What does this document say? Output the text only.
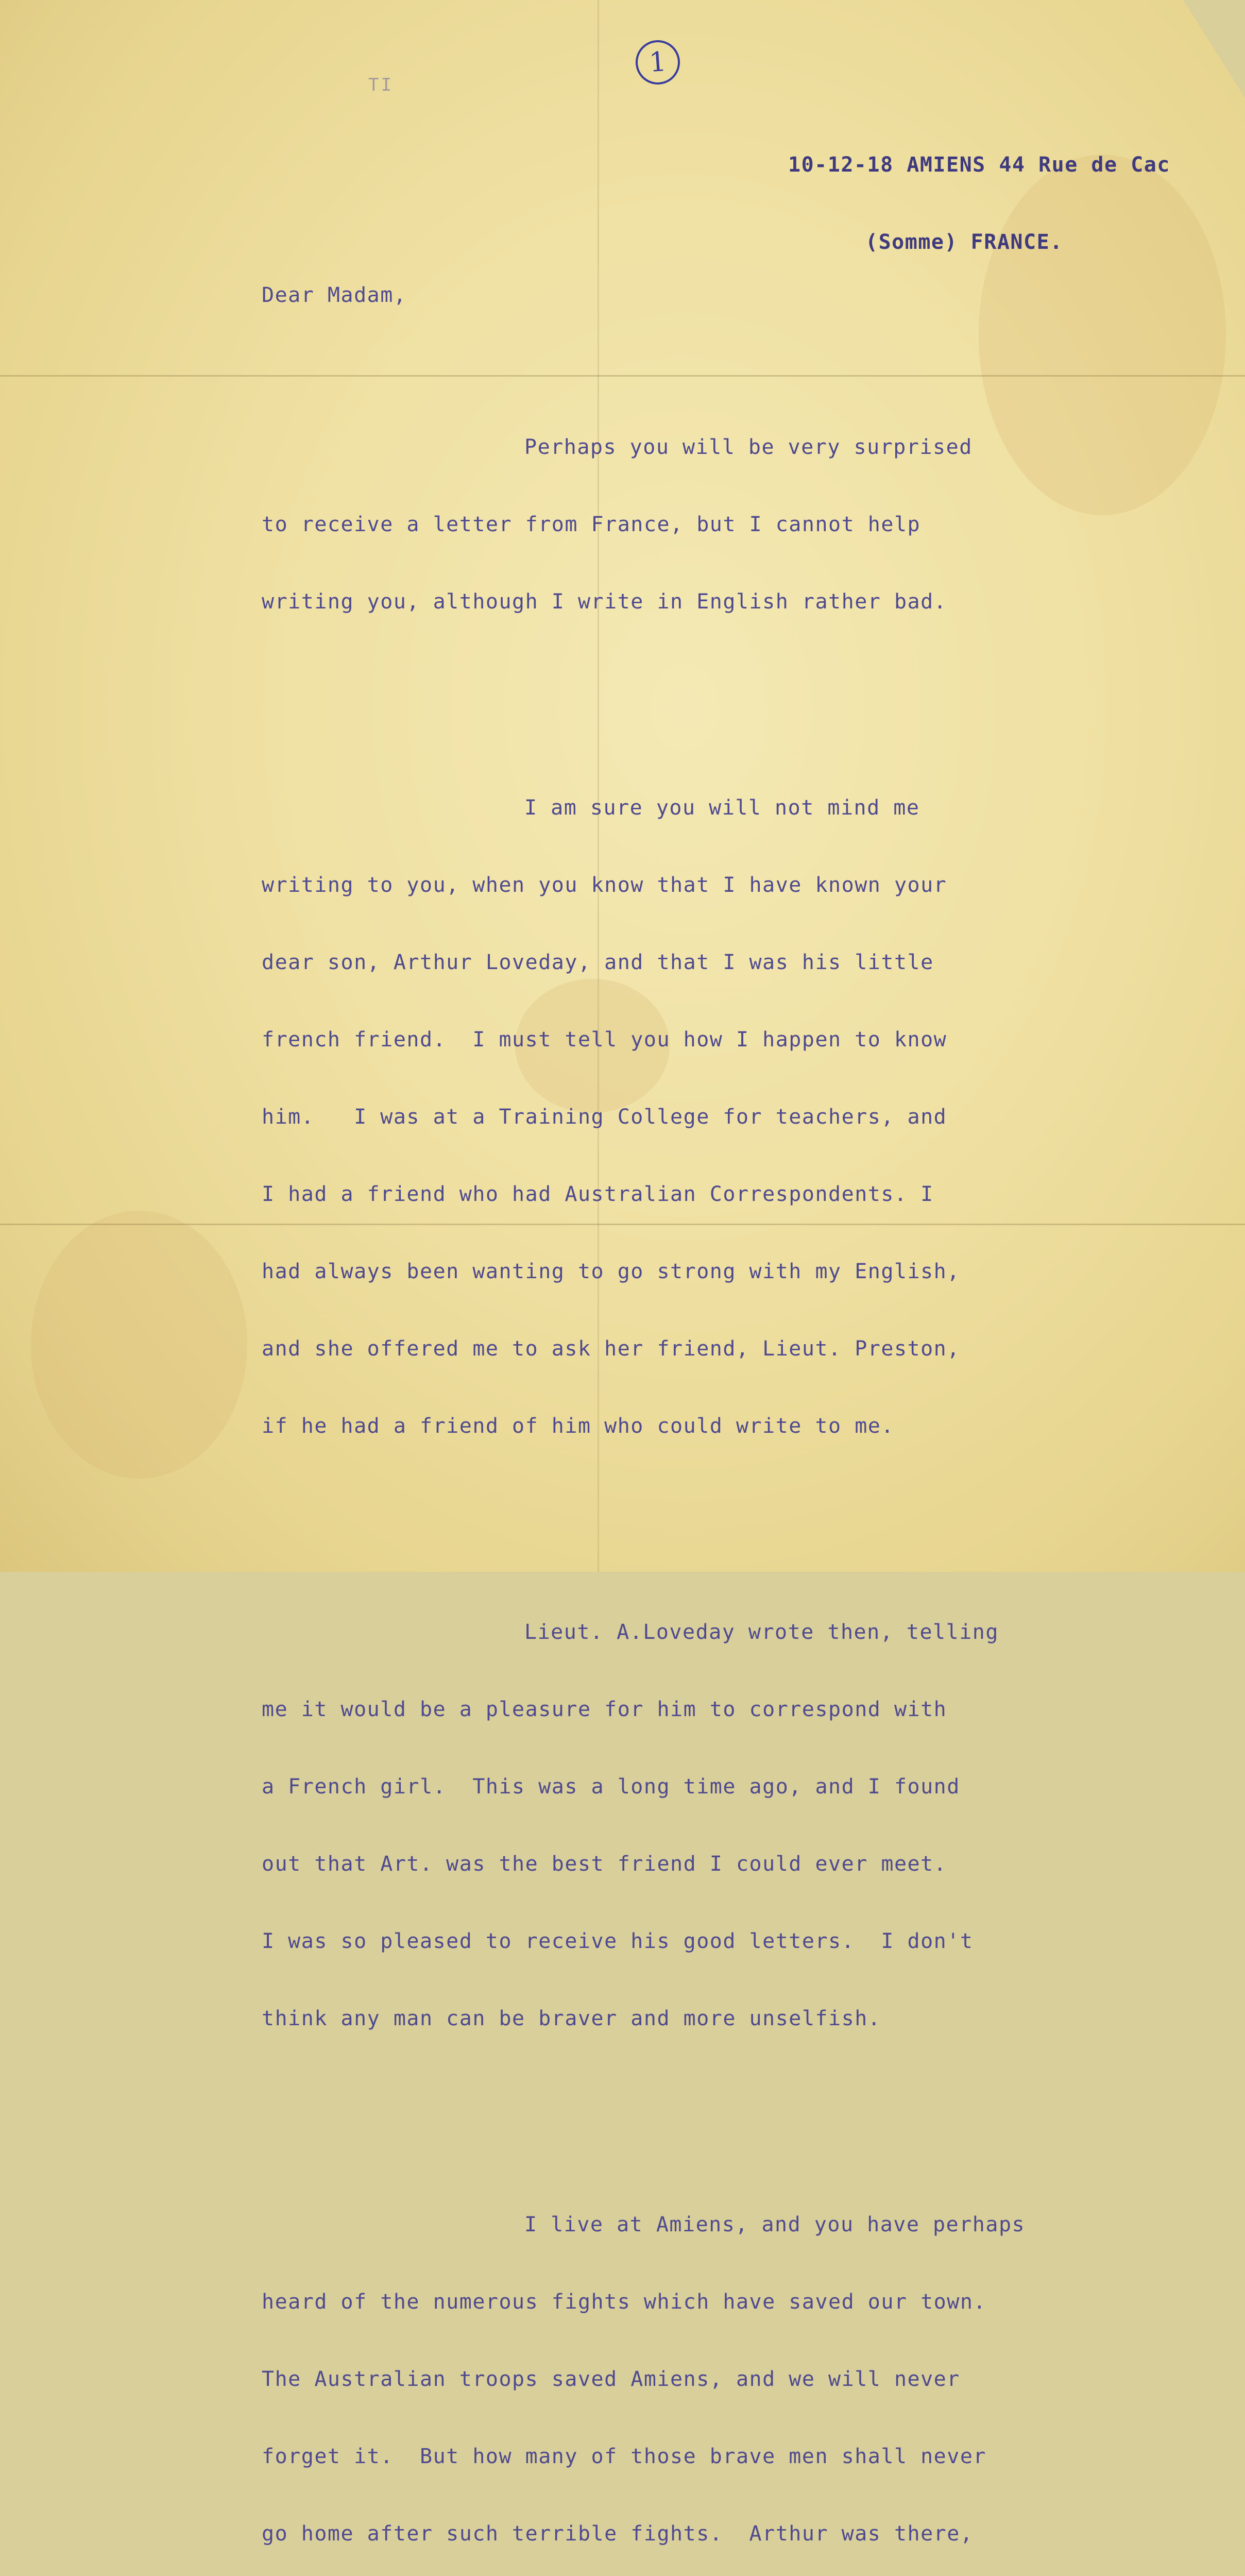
1
TI

10-12-18 AMIENS 44 Rue de Cac

(Somme) FRANCE.

Dear Madam,

Perhaps you will be very surprised

to receive a letter from France, but I cannot help

writing you, although I write in English rather bad.

I am sure you will not mind me

writing to you, when you know that I have known your

dear son, Arthur Loveday, and that I was his little

french friend.  I must tell you how I happen to know

him.   I was at a Training College for teachers, and

I had a friend who had Australian Correspondents. I

had always been wanting to go strong with my English,

and she offered me to ask her friend, Lieut. Preston,

if he had a friend of him who could write to me.

Lieut. A.Loveday wrote then, telling

me it would be a pleasure for him to correspond with

a French girl.  This was a long time ago, and I found

out that Art. was the best friend I could ever meet.

I was so pleased to receive his good letters.  I don't

think any man can be braver and more unselfish.

I live at Amiens, and you have perhaps

heard of the numerous fights which have saved our town.

The Australian troops saved Amiens, and we will never

forget it.  But how many of those brave men shall never

go home after such terrible fights.  Arthur was there,
